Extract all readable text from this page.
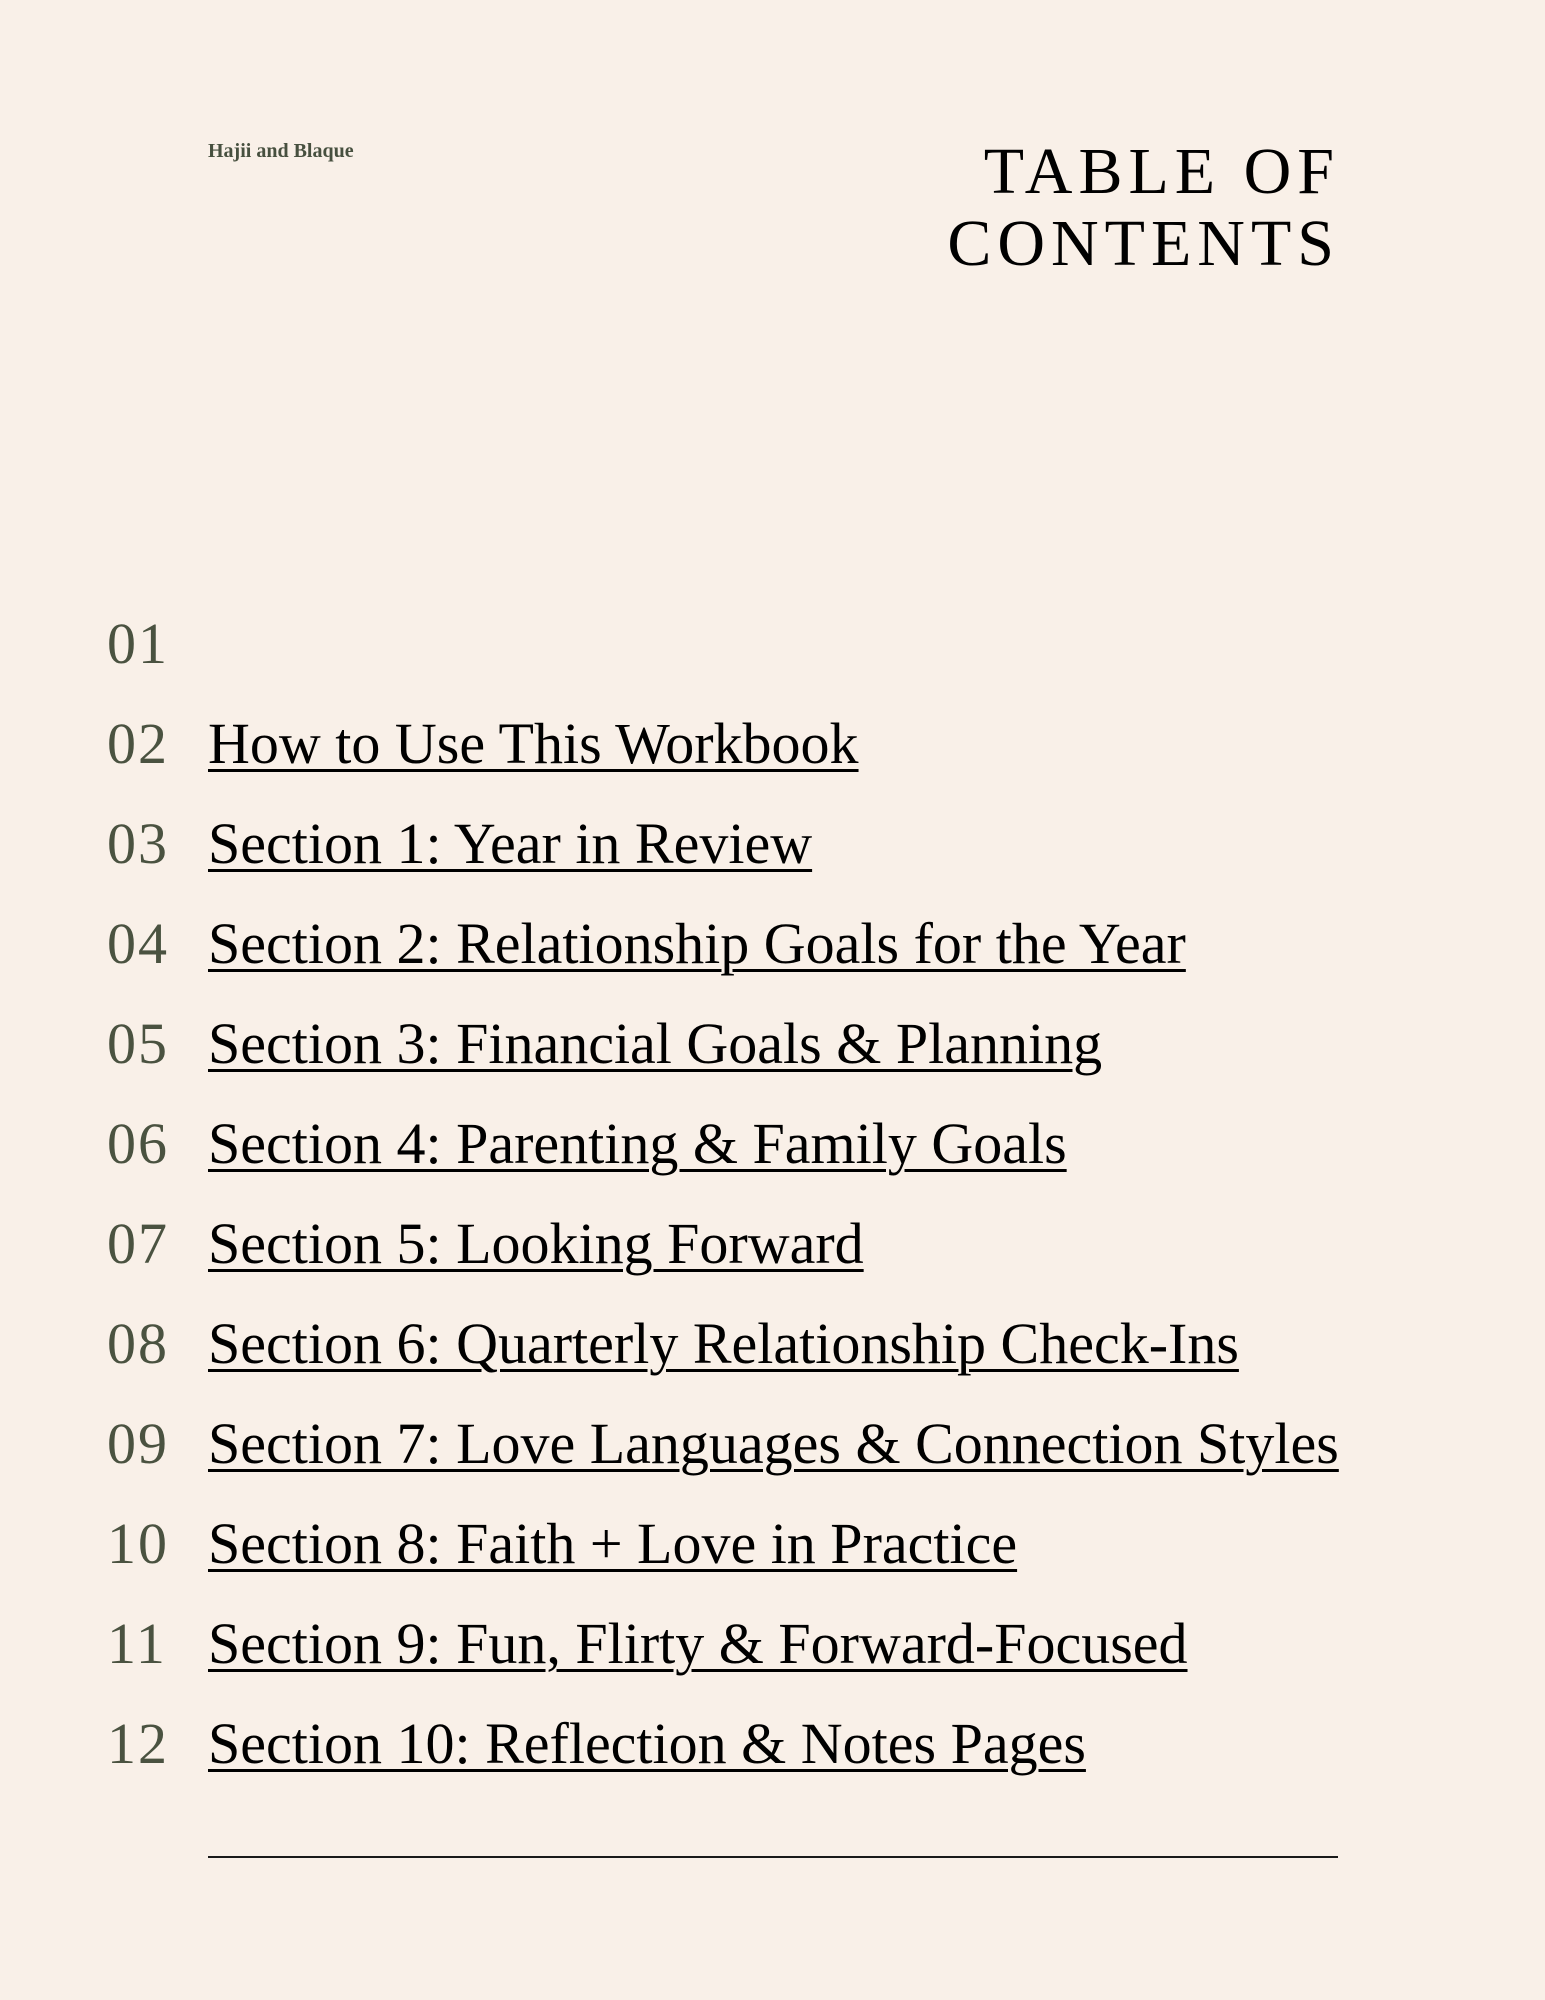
Hajii and Blaque	TABLE OF
CONTENTS
01
02 How to Use This Workbook
03 Section 1: Year in Review
04 Section 2: Relationship Goals for the Year
05 Section 3: Financial Goals & Planning
06 Section 4: Parenting & Family Goals
07 Section 5: Looking Forward
08 Section 6: Quarterly Relationship Check-Ins
09 Section 7: Love Languages & Connection Styles
10 Section 8: Faith + Love in Practice
11 Section 9: Fun, Flirty & Forward-Focused
12 Section 10: Reflection & Notes Pages
